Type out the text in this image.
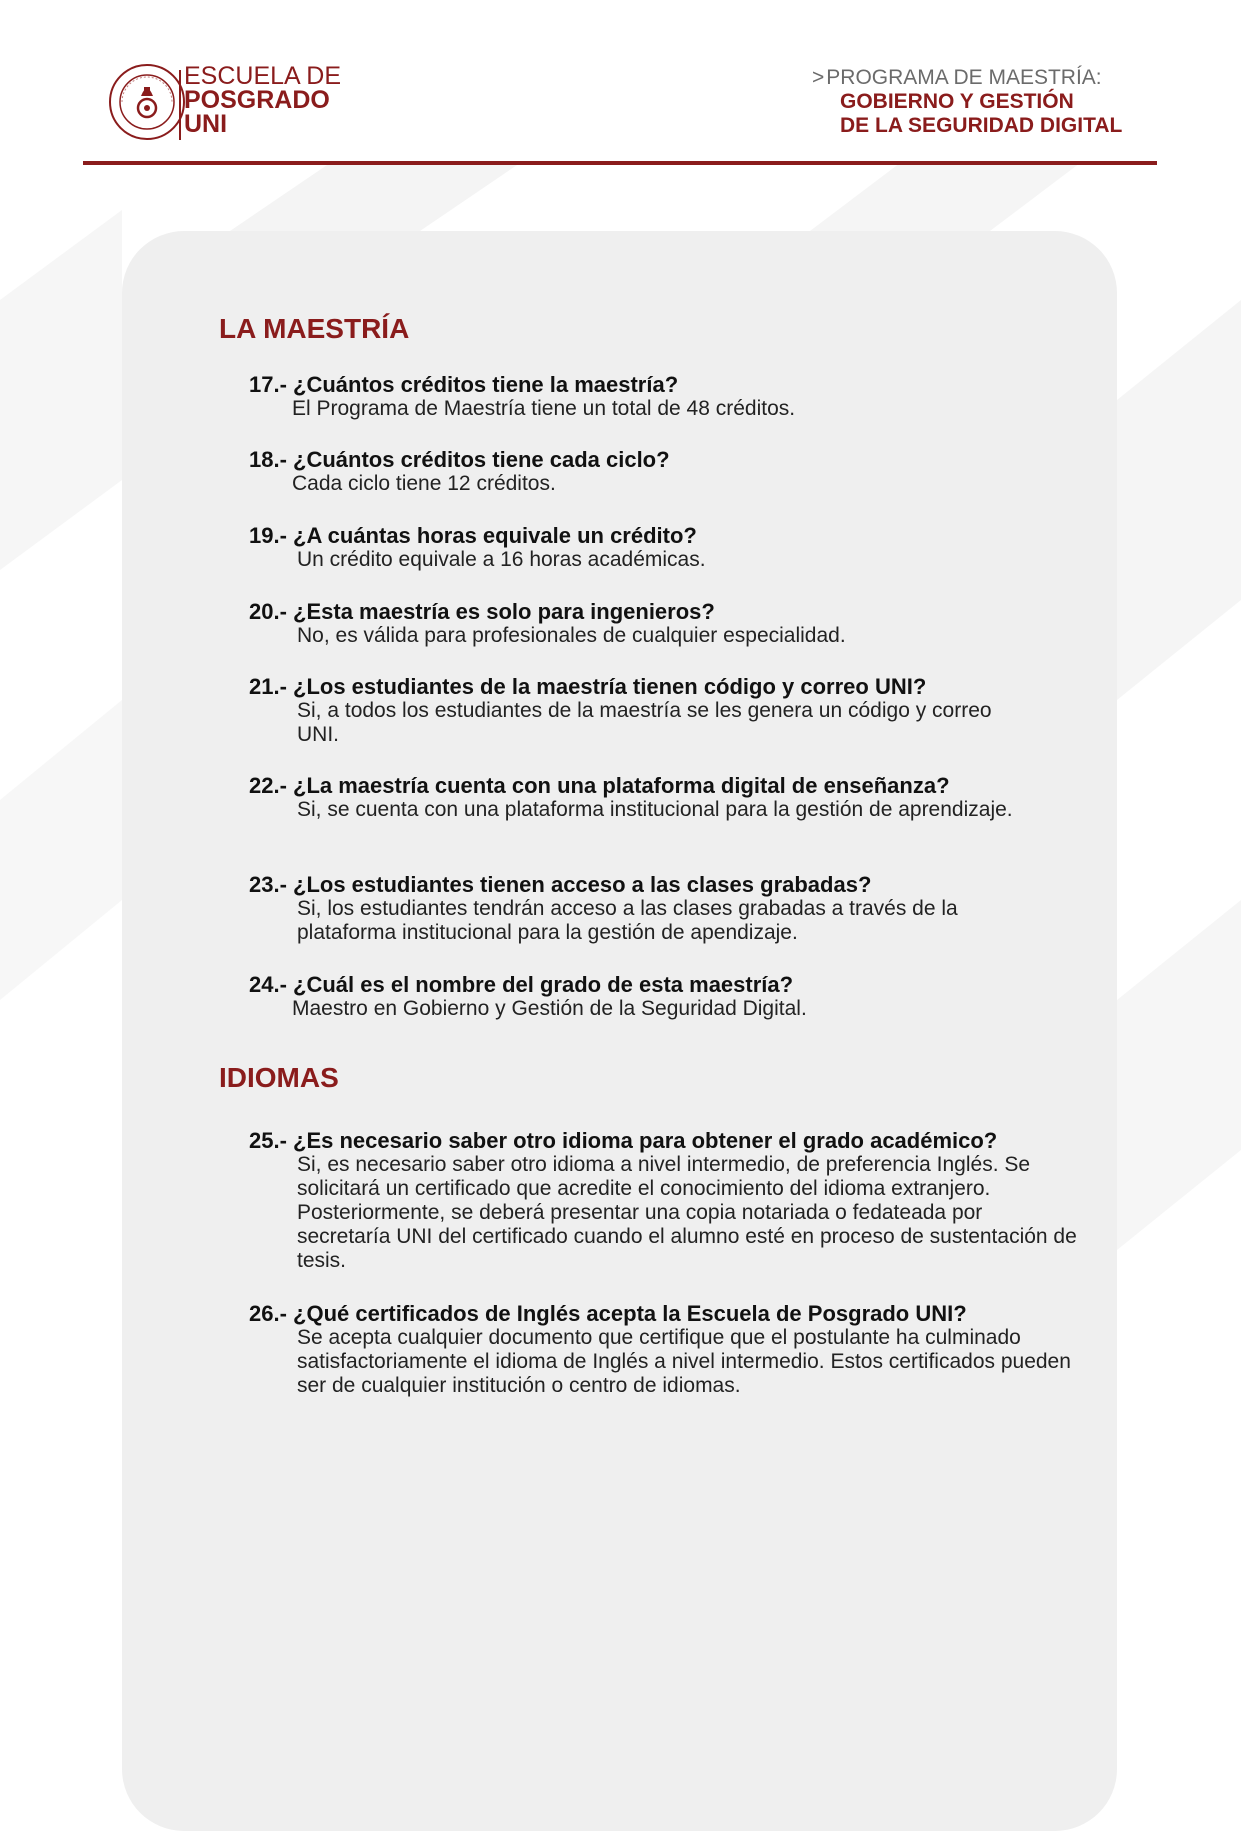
ESCUELA DE
POSGRADO
UNI
>PROGRAMA DE MAESTRÍA:
GOBIERNO Y GESTIÓN
DE LA SEGURIDAD DIGITAL
LA MAESTRÍA
17.- ¿Cuántos créditos tiene la maestría?
El Programa de Maestría tiene un total de 48 créditos.
18.- ¿Cuántos créditos tiene cada ciclo?
Cada ciclo tiene 12 créditos.
19.- ¿A cuántas horas equivale un crédito?
Un crédito equivale a 16 horas académicas.
20.- ¿Esta maestría es solo para ingenieros?
No, es válida para profesionales de cualquier especialidad.
21.- ¿Los estudiantes de la maestría tienen código y correo UNI?
Si, a todos los estudiantes de la maestría se les genera un código y correo UNI.
22.- ¿La maestría cuenta con una plataforma digital de enseñanza?
Si, se cuenta con una plataforma institucional para la gestión de aprendizaje.
23.- ¿Los estudiantes tienen acceso a las clases grabadas?
Si, los estudiantes tendrán acceso a las clases grabadas a través de la plataforma institucional para la gestión de apendizaje.
24.- ¿Cuál es el nombre del grado de esta maestría?
Maestro en Gobierno y Gestión de la Seguridad Digital.
IDIOMAS
25.- ¿Es necesario saber otro idioma para obtener el grado académico?
Si, es necesario saber otro idioma a nivel intermedio, de preferencia Inglés. Se solicitará un certificado que acredite el conocimiento del idioma extranjero. Posteriormente, se deberá presentar una copia notariada o fedateada por secretaría UNI del certificado cuando el alumno esté en proceso de sustentación de tesis.
26.- ¿Qué certificados de Inglés acepta la Escuela de Posgrado UNI?
Se acepta cualquier documento que certifique que el postulante ha culminado satisfactoriamente el idioma de Inglés a nivel intermedio. Estos certificados pueden ser de cualquier institución o centro de idiomas.
